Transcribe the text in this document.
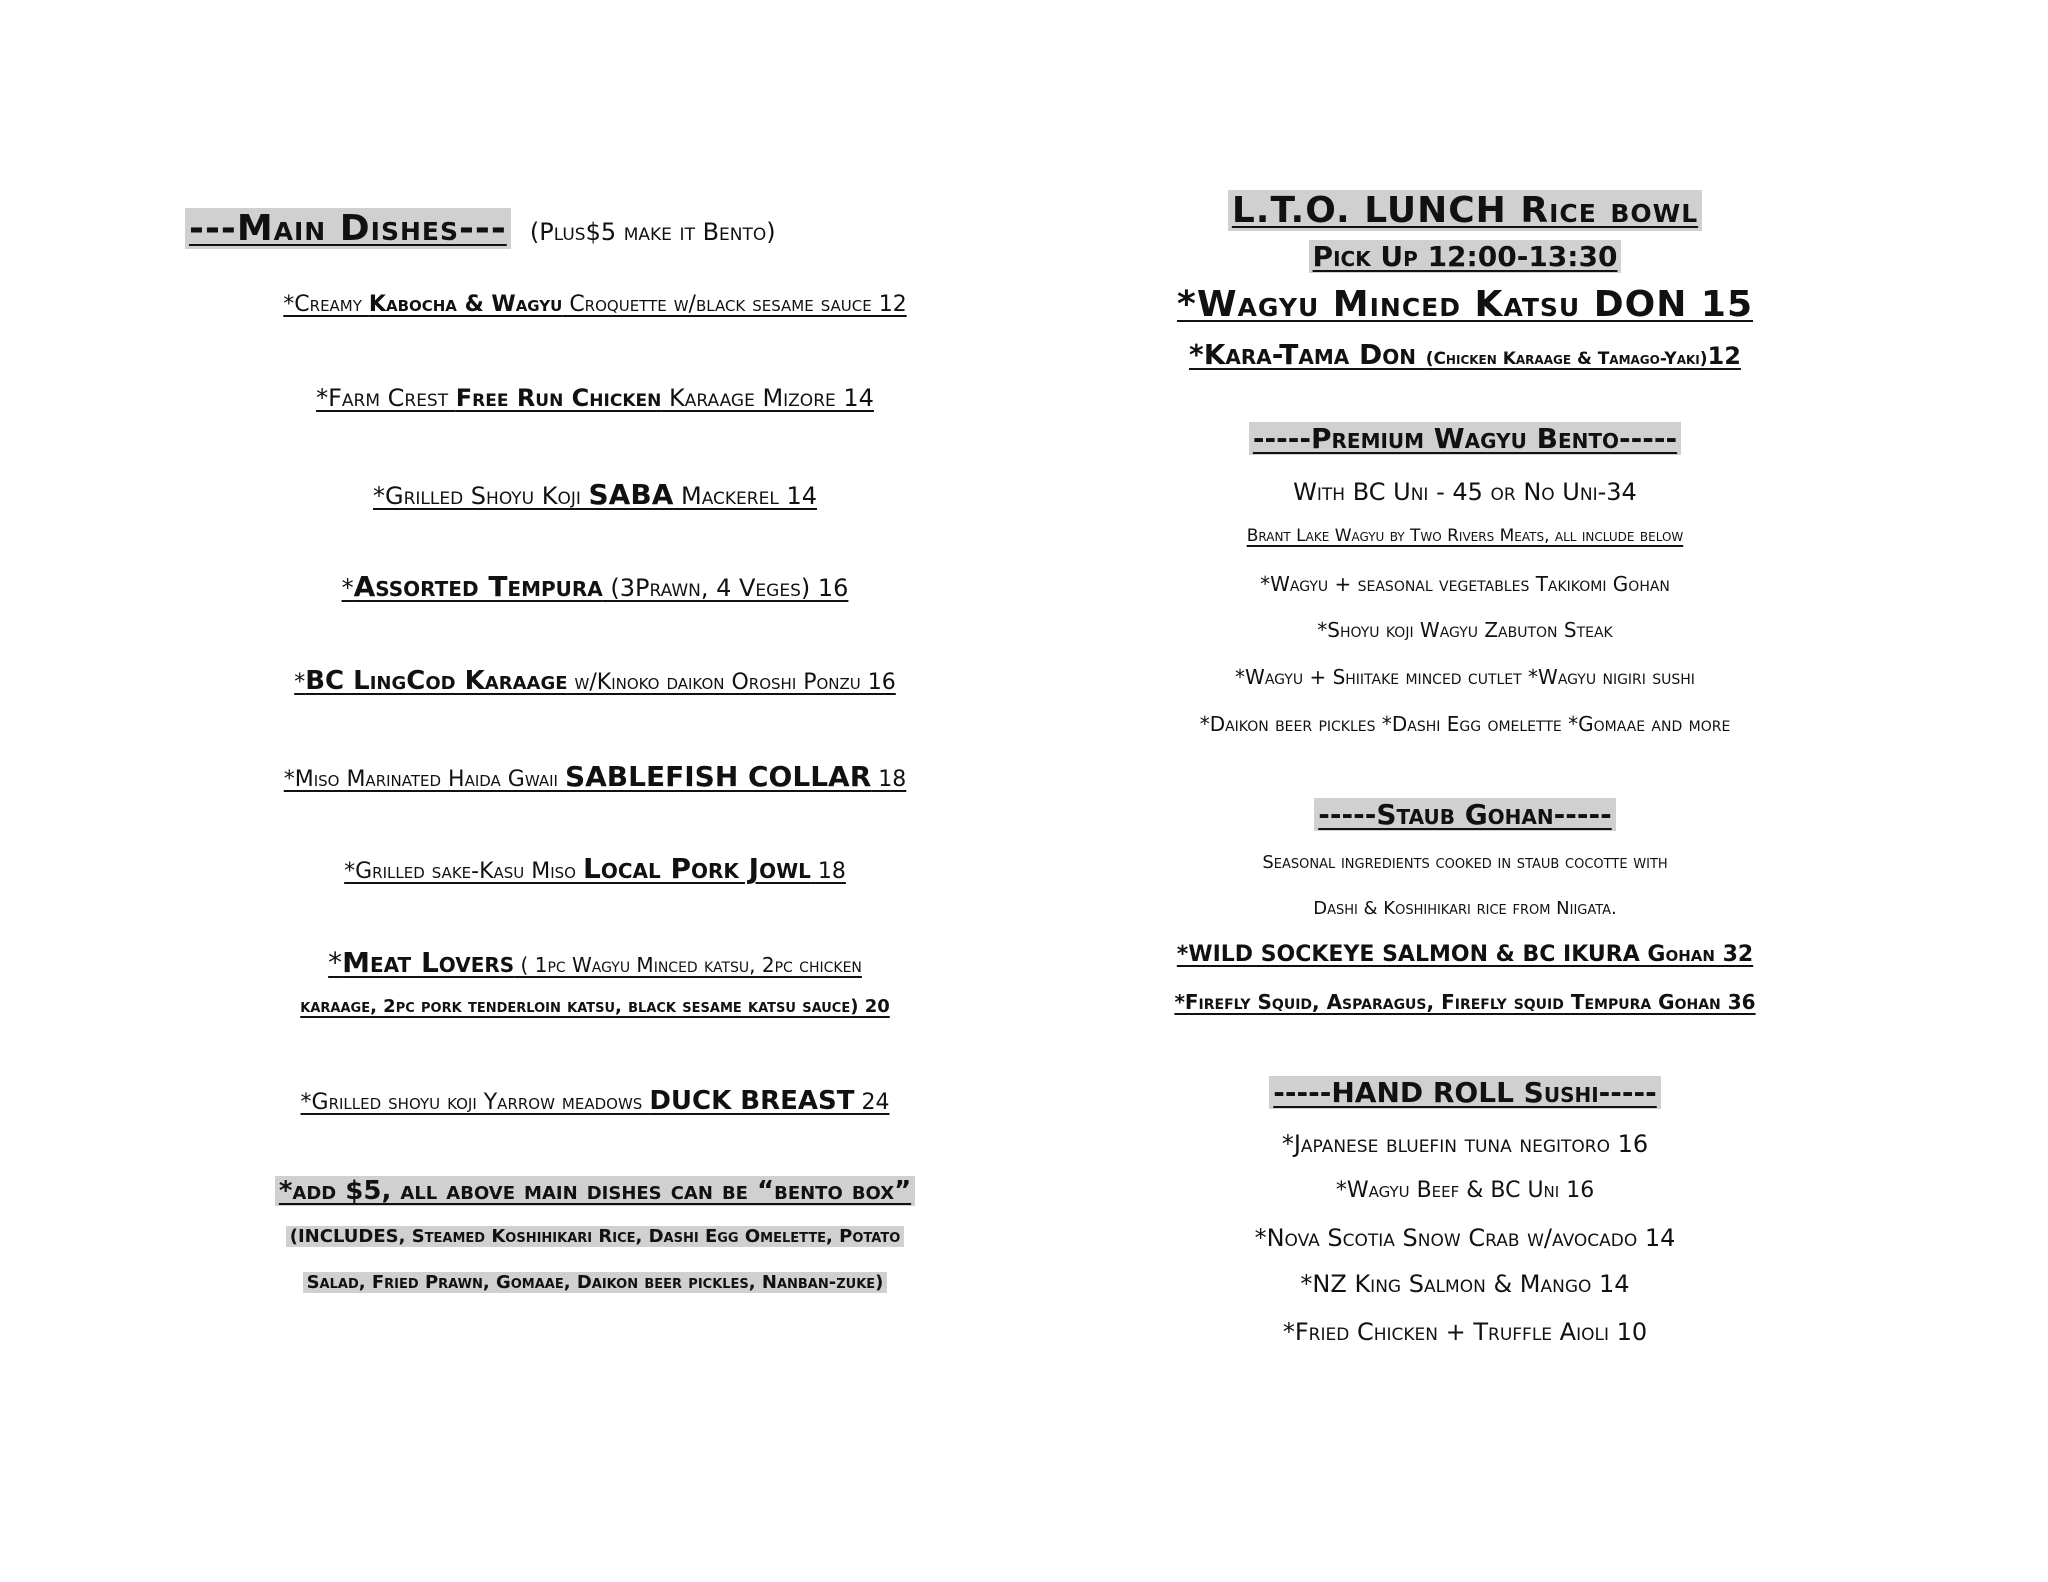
---Main Dishes--- (Plus$5 make it Bento)
*Creamy Kabocha & Wagyu Croquette w/black sesame sauce 12
*Farm Crest Free Run Chicken Karaage Mizore 14
*Grilled Shoyu Koji SABA Mackerel 14
*Assorted Tempura (3Prawn, 4 Veges) 16
*BC LingCod Karaage w/Kinoko daikon Oroshi Ponzu 16
*Miso Marinated Haida Gwaii SABLEFISH COLLAR 18
*Grilled sake-Kasu Miso Local Pork Jowl 18
*Meat Lovers ( 1pc Wagyu Minced katsu, 2pc chicken
karaage, 2pc pork tenderloin katsu, black sesame katsu sauce) 20
*Grilled shoyu koji Yarrow meadows DUCK BREAST 24
*add $5, all above main dishes can be “bento box”
(INCLUDES, Steamed Koshihikari Rice, Dashi Egg Omelette, Potato
Salad, Fried Prawn, Gomaae, Daikon beer pickles, Nanban-zuke)
L.T.O. LUNCH Rice bowl
Pick Up 12:00-13:30
*Wagyu Minced Katsu DON 15
*Kara-Tama Don (Chicken Karaage & Tamago-Yaki)12
-----Premium Wagyu Bento-----
With BC Uni - 45 or No Uni-34
Brant Lake Wagyu by Two Rivers Meats, all include below
*Wagyu + seasonal vegetables Takikomi Gohan
*Shoyu koji Wagyu Zabuton Steak
*Wagyu + Shiitake minced cutlet *Wagyu nigiri sushi
*Daikon beer pickles *Dashi Egg omelette *Gomaae and more
-----Staub Gohan-----
Seasonal ingredients cooked in staub cocotte with
Dashi & Koshihikari rice from Niigata.
*WILD SOCKEYE SALMON & BC IKURA Gohan 32
*Firefly Squid, Asparagus, Firefly squid Tempura Gohan 36
-----HAND ROLL Sushi-----
*Japanese bluefin tuna negitoro 16
*Wagyu Beef & BC Uni 16
*Nova Scotia Snow Crab w/avocado 14
*NZ King Salmon & Mango 14
*Fried Chicken + Truffle Aioli 10
